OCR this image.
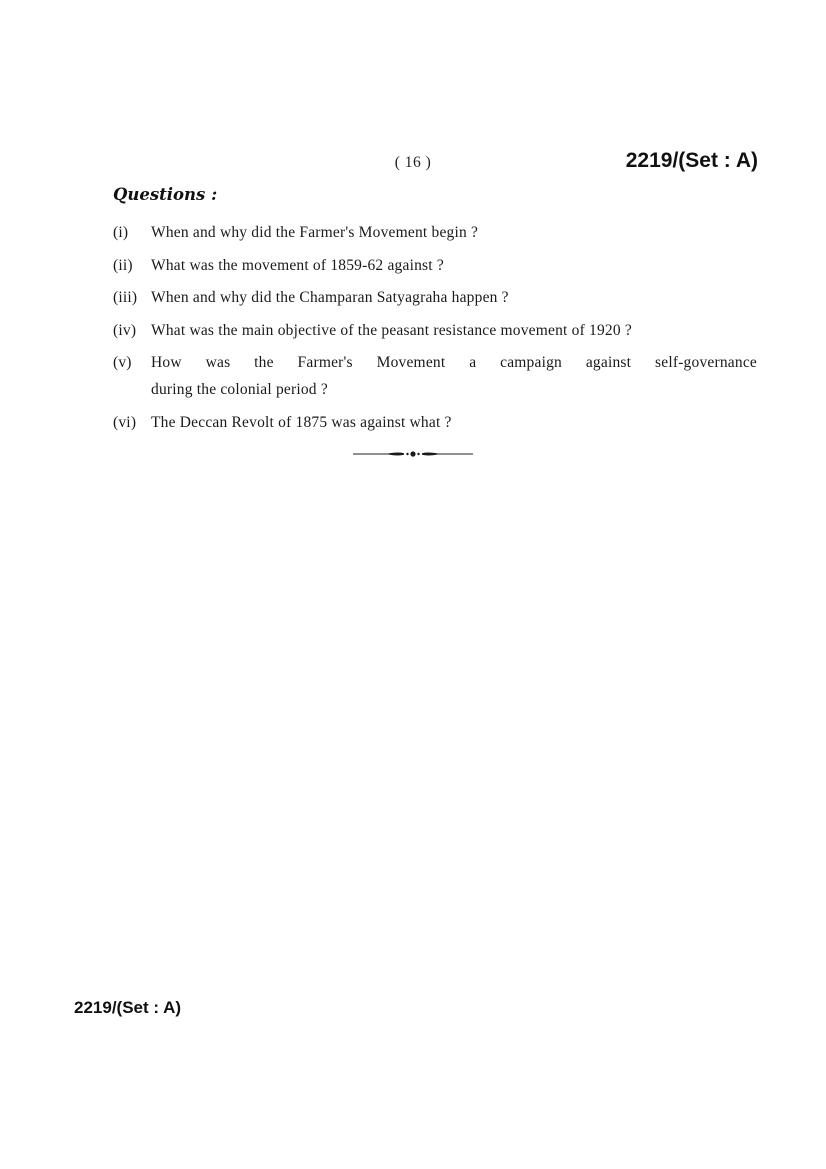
( 16 )	2219/(Set : A)
Questions :
(i)	When and why did the Farmer's Movement begin ?
(ii)	What was the movement of 1859-62 against ?
(iii) When and why did the Champaran Satyagraha happen ?
(iv) What was the main objective of the peasant resistance movement of 1920 ?
(v)	How was the Farmer's Movement a campaign against self-governance
during the colonial period ?
(vi) The Deccan Revolt of 1875 was against what ?
2219/(Set : A)
